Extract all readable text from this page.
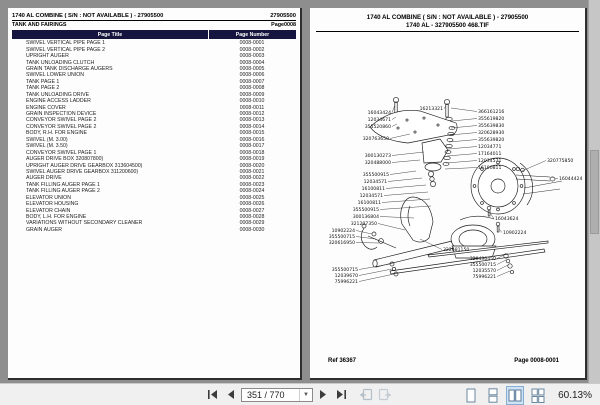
1740 AL COMBINE ( S/N : NOT AVAILABLE ) - 27905500	27905500
TANK AND FAIRINGS	Page0008
Page Title	Page Number
SWIVEL VERTICAL PIPE PAGE 1	0008-0001
SWIVEL VERTICAL PIPE PAGE 2	0008-0002
UPRIGHT AUGER	0008-0003
TANK UNLOADING CLUTCH	0008-0004
GRAIN TANK DISCHARGE AUGERS	0008-0005
SWIVEL LOWER UNION	0008-0006
TANK PAGE 1	0008-0007
TANK PAGE 2	0008-0008
TANK UNLOADING DRIVE	0008-0009
ENGINE ACCESS LADDER	0008-0010
ENGINE COVER	0008-0011
GRAIN INSPECTION DEVICE	0008-0012
CONVEYOR SWIVEL PAGE 2	0008-0013
CONVEYOR SWIVEL PAGE 2	0008-0014
BODY, R.H. FOR ENGINE	0008-0015
SWIVEL (M. 3.00)	0008-0016
SWIVEL (M. 3.50)	0008-0017
CONVEYOR SWIVEL PAGE 1	0008-0018
AUGER DRIVE BOX 320807800)	0008-0019
UPRIGHT AUGER DRIVE GEARBOX 313604500)	0008-0020
SWIVEL AUGER DRIVE GEARBOX 311200600)	0008-0021
AUGER DRIVE	0008-0022
TANK FILLING AUGER PAGE 1	0008-0023
TANK FILLING AUGER PAGE 2	0008-0024
ELEVATOR UNION	0008-0025
ELEVATOR HOUSING	0008-0026
ELEVATOR CHAIN	0008-0027
BODY, L.H. FOR ENGINE	0008-0028
VARIATIONS WITHOUT SECONDARY CLEANER	0008-0029
GRAIN AUGER	0008-0030
1740 AL COMBINE ( S/N : NOT AVAILABLE ) - 27905500
1740 AL - 327905500 468.TIF
16043424
12034671
355520860
320763650
16213321
366161216
355619820
355639830
320628930
355639820
12034771
17164011
12034571
16100811
300130273
320488000
355500915
12034571
16100811
12034571
16100811
355500915
300136804
321207350
320775850
16044424
16043624
10902224
322681150
320496450
355500715
12035570
75996221
10902224
355500715
320616950
355500715
12039670
75996221
Ref 36367	Page 0008-0001
351 / 770	▼	60.13%
